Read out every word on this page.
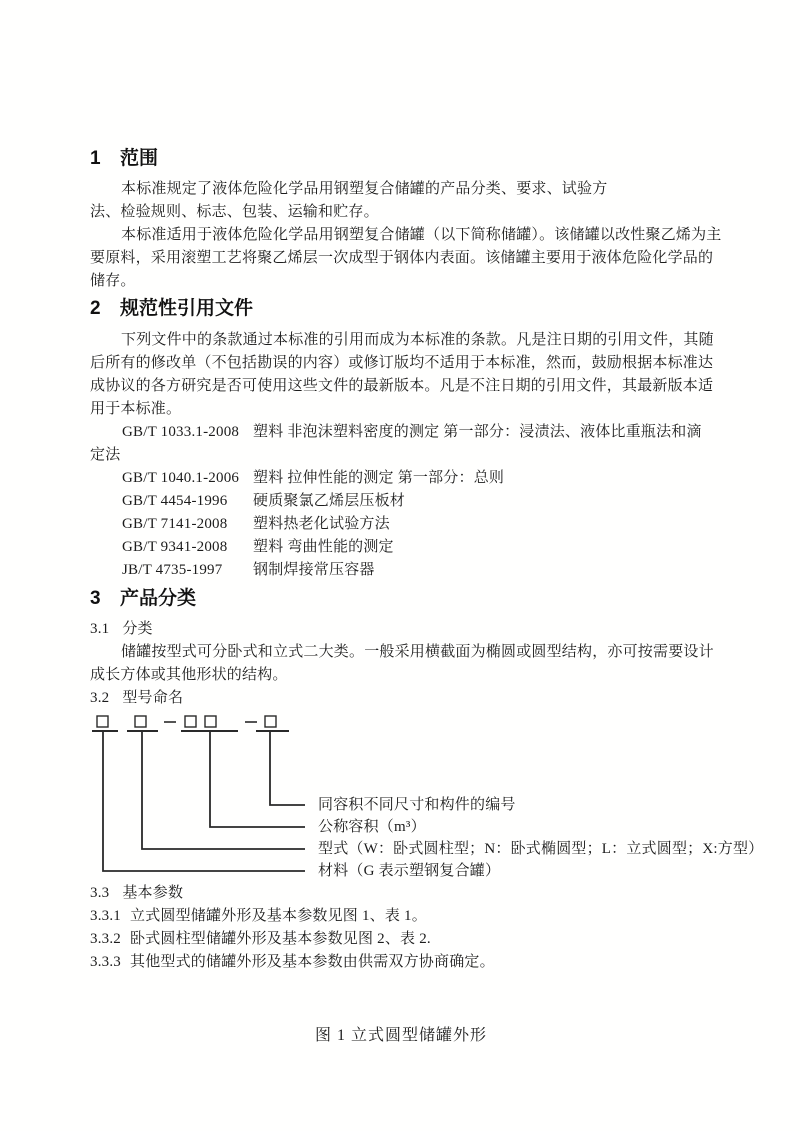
1 范围
本标准规定了液体危险化学品用钢塑复合储罐的产品分类、要求、试验方
法、检验规则、标志、包装、运输和贮存。
本标准适用于液体危险化学品用钢塑复合储罐（以下简称储罐）。该储罐以改性聚乙烯为主
要原料，采用滚塑工艺将聚乙烯层一次成型于钢体内表面。该储罐主要用于液体危险化学品的
储存。
2 规范性引用文件
下列文件中的条款通过本标准的引用而成为本标准的条款。凡是注日期的引用文件，其随
后所有的修改单（不包括勘误的内容）或修订版均不适用于本标准，然而，鼓励根据本标准达
成协议的各方研究是否可使用这些文件的最新版本。凡是不注日期的引用文件，其最新版本适
用于本标准。
GB/T 1033.1-2008 塑料 非泡沫塑料密度的测定 第一部分：浸渍法、液体比重瓶法和滴
定法
GB/T 1040.1-2006 塑料 拉伸性能的测定 第一部分：总则
GB/T 4454-1996 硬质聚氯乙烯层压板材
GB/T 7141-2008 塑料热老化试验方法
GB/T 9341-2008 塑料 弯曲性能的测定
JB/T 4735-1997 钢制焊接常压容器
3 产品分类
3.1 分类
储罐按型式可分卧式和立式二大类。一般采用横截面为椭圆或圆型结构，亦可按需要设计
成长方体或其他形状的结构。
3.2 型号命名
同容积不同尺寸和构件的编号
公称容积（m³）
型式（W：卧式圆柱型；N：卧式椭圆型；L：立式圆型；X:方型）
材料（G 表示塑钢复合罐）
3.3 基本参数
3.3.1 立式圆型储罐外形及基本参数见图 1、表 1。
3.3.2 卧式圆柱型储罐外形及基本参数见图 2、表 2.
3.3.3 其他型式的储罐外形及基本参数由供需双方协商确定。
图 1 立式圆型储罐外形
